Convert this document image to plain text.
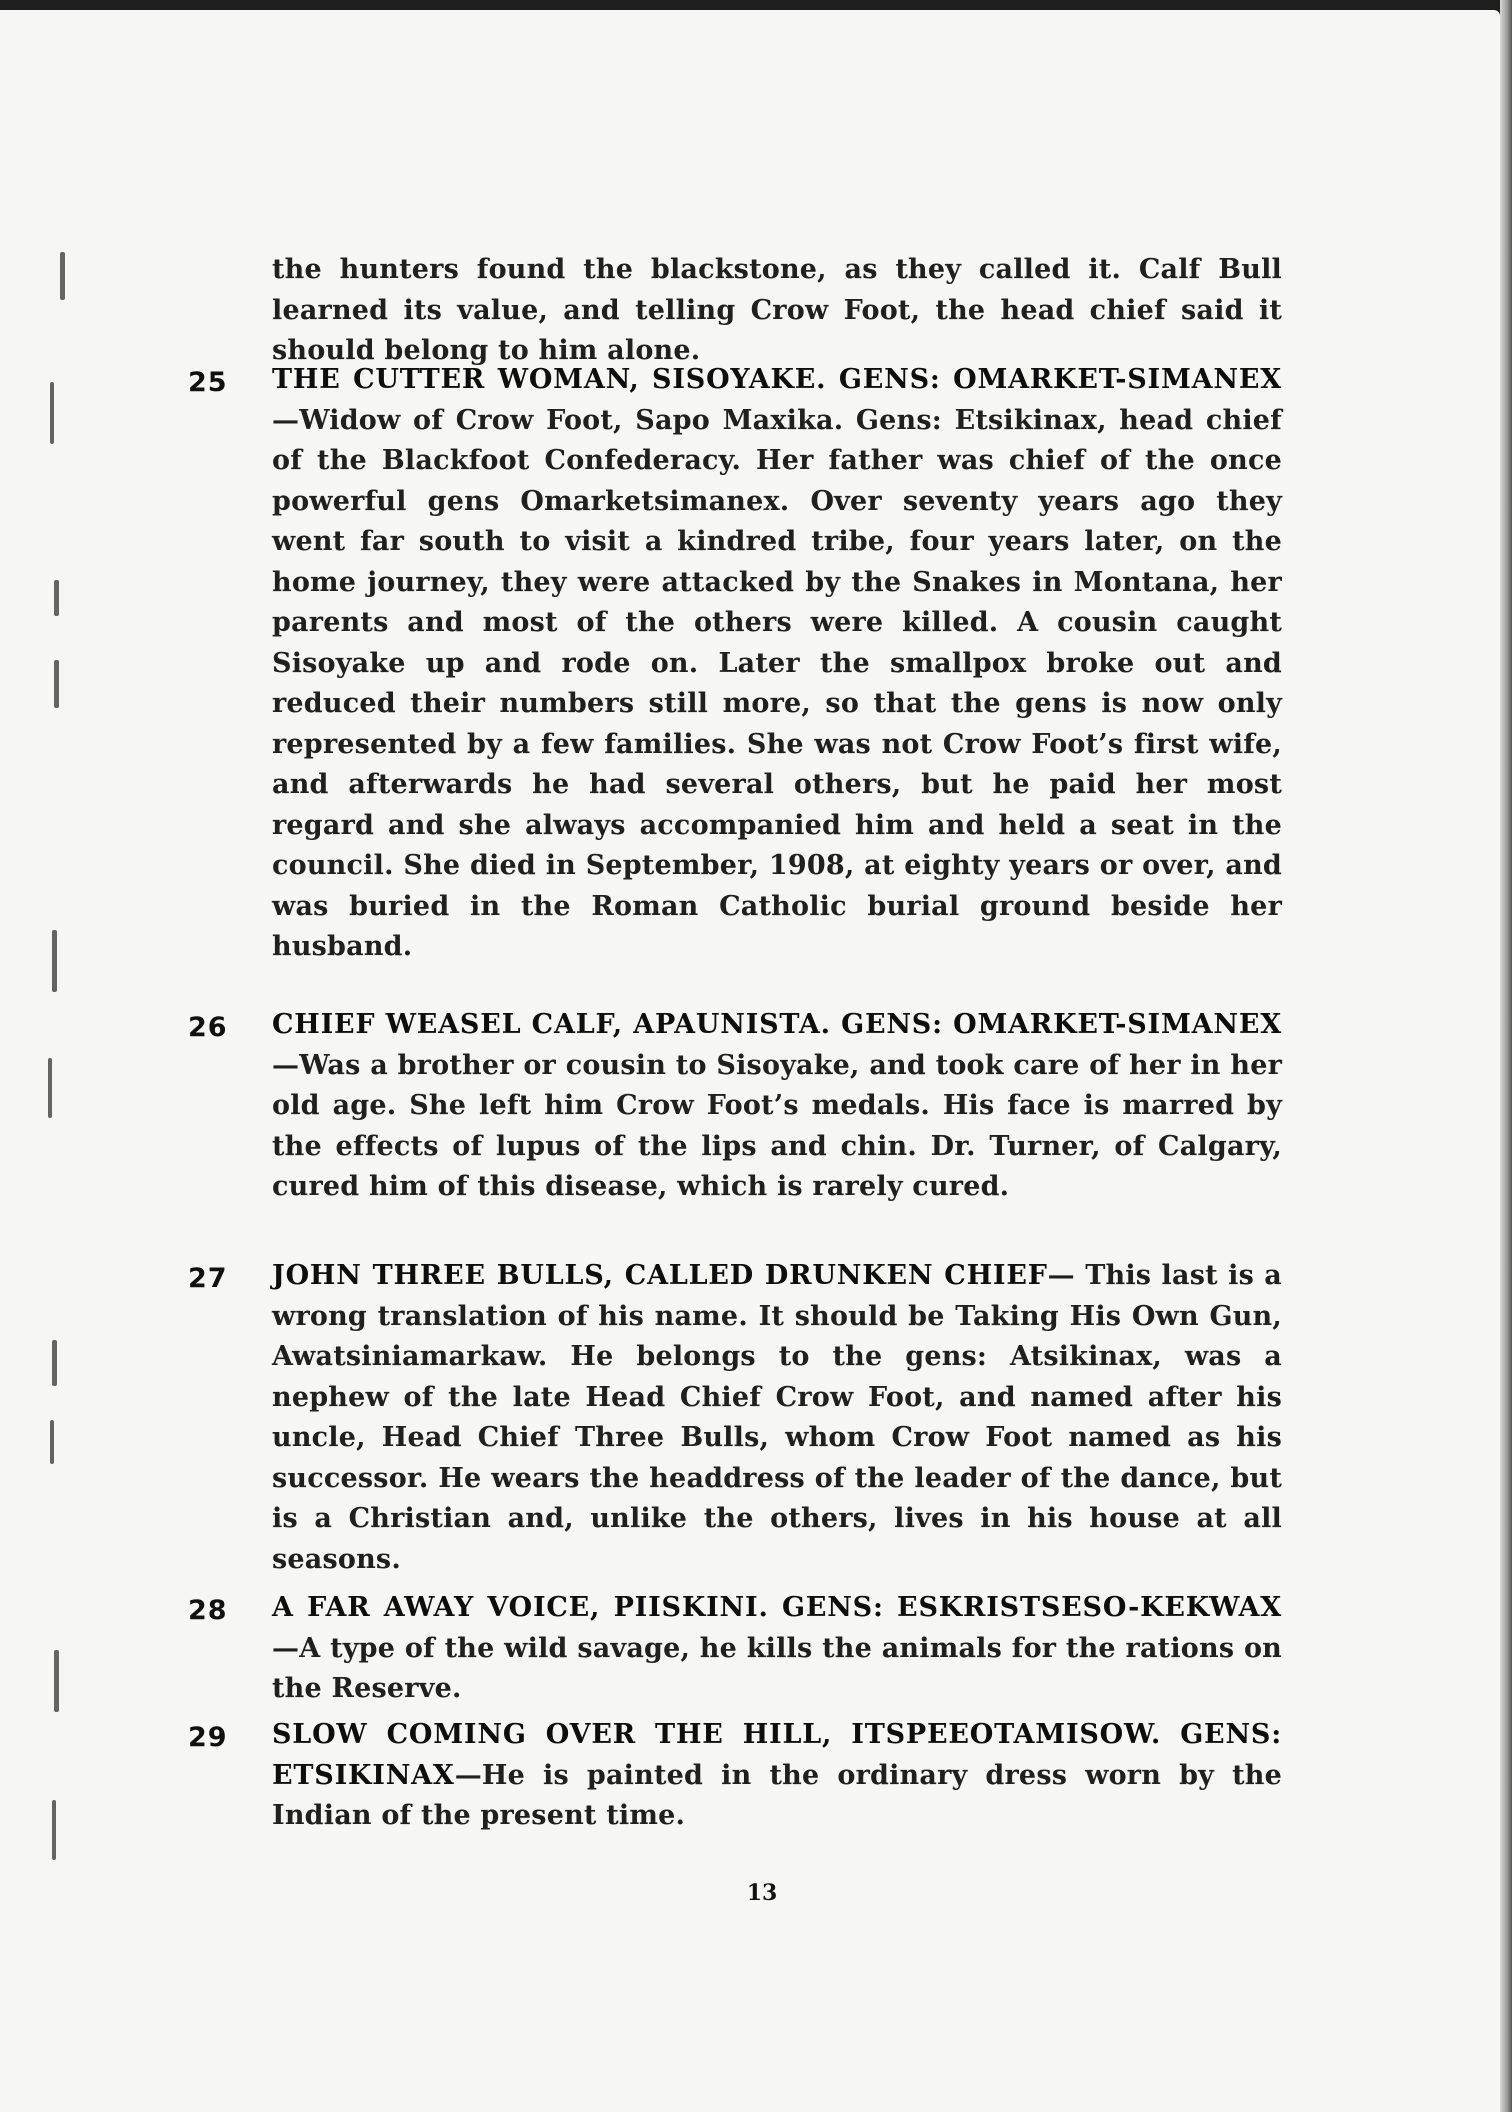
the hunters found the blackstone, as they called it. Calf Bull learned its value, and telling Crow Foot, the head chief said it should belong to him alone.

25 THE CUTTER WOMAN, SISOYAKE. GENS: OMARKET-SIMANEX—Widow of Crow Foot, Sapo Maxika. Gens: Etsikinax, head chief of the Blackfoot Confederacy. Her father was chief of the once powerful gens Omarketsimanex. Over seventy years ago they went far south to visit a kindred tribe, four years later, on the home journey, they were attacked by the Snakes in Montana, her parents and most of the others were killed. A cousin caught Sisoyake up and rode on. Later the smallpox broke out and reduced their numbers still more, so that the gens is now only represented by a few families. She was not Crow Foot’s first wife, and afterwards he had several others, but he paid her most regard and she always accompanied him and held a seat in the council. She died in September, 1908, at eighty years or over, and was buried in the Roman Catholic burial ground beside her husband.

26 CHIEF WEASEL CALF, APAUNISTA. GENS: OMARKET-SIMANEX—Was a brother or cousin to Sisoyake, and took care of her in her old age. She left him Crow Foot’s medals. His face is marred by the effects of lupus of the lips and chin. Dr. Turner, of Calgary, cured him of this disease, which is rarely cured.

27 JOHN THREE BULLS, CALLED DRUNKEN CHIEF— This last is a wrong translation of his name. It should be Taking His Own Gun, Awatsiniamarkaw. He belongs to the gens: Atsikinax, was a nephew of the late Head Chief Crow Foot, and named after his uncle, Head Chief Three Bulls, whom Crow Foot named as his successor. He wears the headdress of the leader of the dance, but is a Christian and, unlike the others, lives in his house at all seasons.

28 A FAR AWAY VOICE, PIISKINI. GENS: ESKRISTSESO-KEKWAX—A type of the wild savage, he kills the animals for the rations on the Reserve.

29 SLOW COMING OVER THE HILL, ITSPEEOTAMISOW. GENS: ETSIKINAX—He is painted in the ordinary dress worn by the Indian of the present time.

13
